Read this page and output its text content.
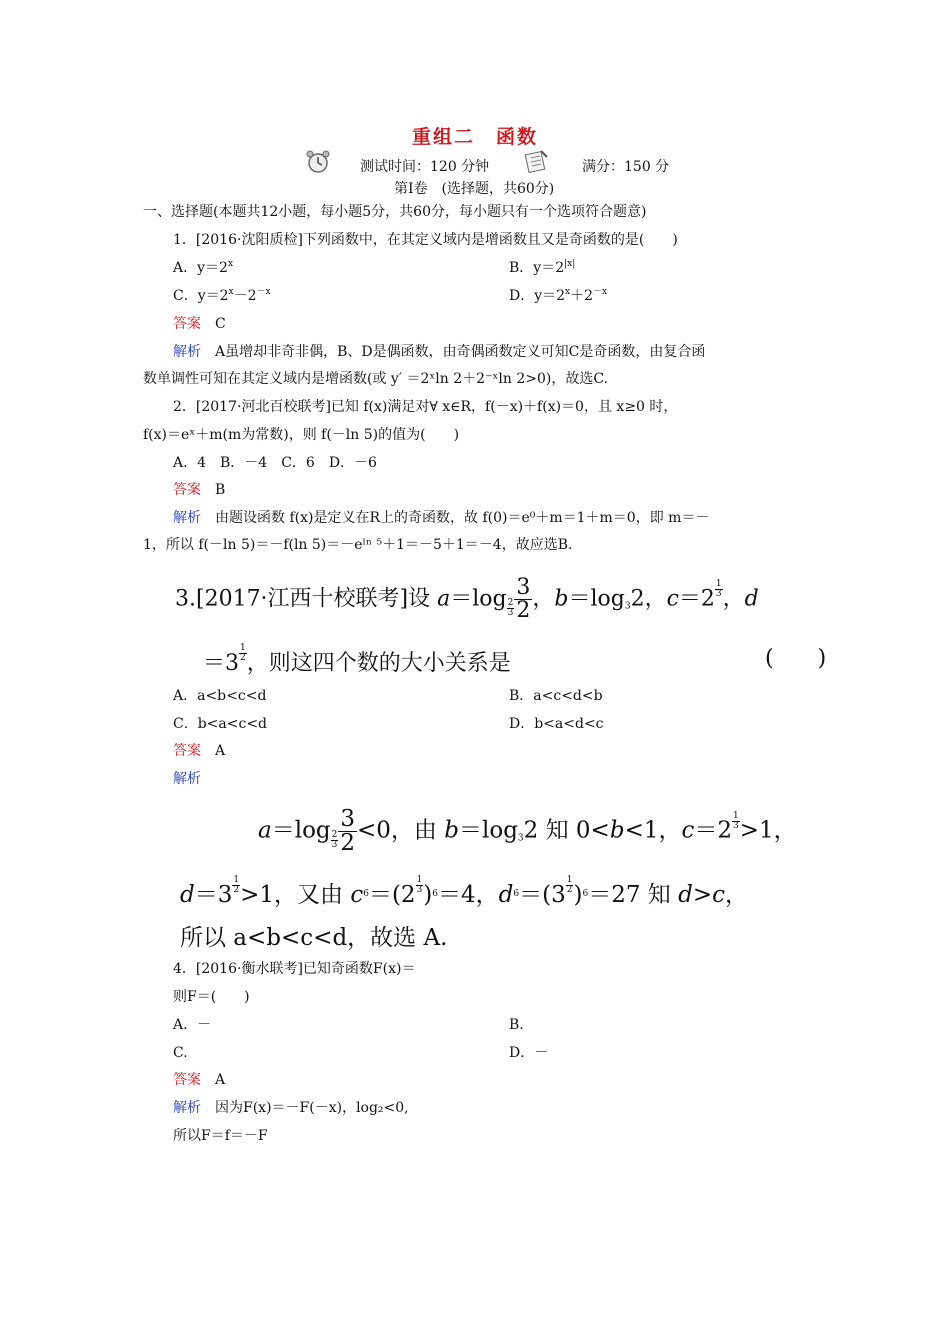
重组二　函数
测试时间：120 分钟	满分：150 分
第Ⅰ卷　(选择题，共60分)
一、选择题(本题共12小题，每小题5分，共60分，每小题只有一个选项符合题意)
1．[2016·沈阳质检]下列函数中，在其定义域内是增函数且又是奇函数的是(　　)
A．$y=2^x$	B．$y=2^{|x|}$
C．$y=2^x-2^{-x}$	D．$y=2^x+2^{-x}$
答案　 C
解析　 A虽增却非奇非偶，B、D是偶函数，由奇偶函数定义可知C是奇函数，由复合函
数单调性可知在其定义域内是增函数(或 y′ ＝2ˣln 2＋2⁻ˣln 2>0)，故选C.
2．[2017·河北百校联考]已知 f(x)满足对∀ x∈R，f(－x)＋f(x)＝0，且 x≥0 时，
f(x)＝eˣ＋m(m为常数)，则 f(－ln 5)的值为(　　)
A．4　B．－4　C．6　D．－6
答案　 B
解析　 由题设函数 f(x)是定义在R上的奇函数，故 f(0)＝e⁰＋m＝1＋m＝0，即 m＝－
1，所以 f(－ln 5)＝－f(ln 5)＝－eˡⁿ ⁵＋1＝－5＋1＝－4，故应选B.
3.[2017·江西十校联考]设 a＝log $_{\frac{2}{3}} \frac{3}{2}$ ，$b=\log_32$，$c=2 \frac{1}{3}$ ，d
$=3 \frac{1}{2}$ ，则这四个数的大小关系是	(　　)
A．a<b<c<d	B．a<c<d<b
C．b<a<c<d	D．b<a<d<c
答案　 A
解析
a＝log $_{\frac{2}{3}} \frac{3}{2} <0$，由 $b=\log_32$ 知 0<b<1，$c=2 \frac{1}{3} >1$，
$d=3 \frac{1}{2} >1$，又由 $c^6=(2 \frac{1}{3} )^6=4$，$d^6=(3 \frac{1}{2} )^6=27$ 知 d>c，
所以 a<b<c<d，故选 A.
4．[2016·衡水联考]已知奇函数F(x)＝
则F＝(　　)
A．－	B.
C.	D．－
答案　 A
解析　 因为F(x)＝－F(－x)，log₂<0,
所以F＝f＝－F
